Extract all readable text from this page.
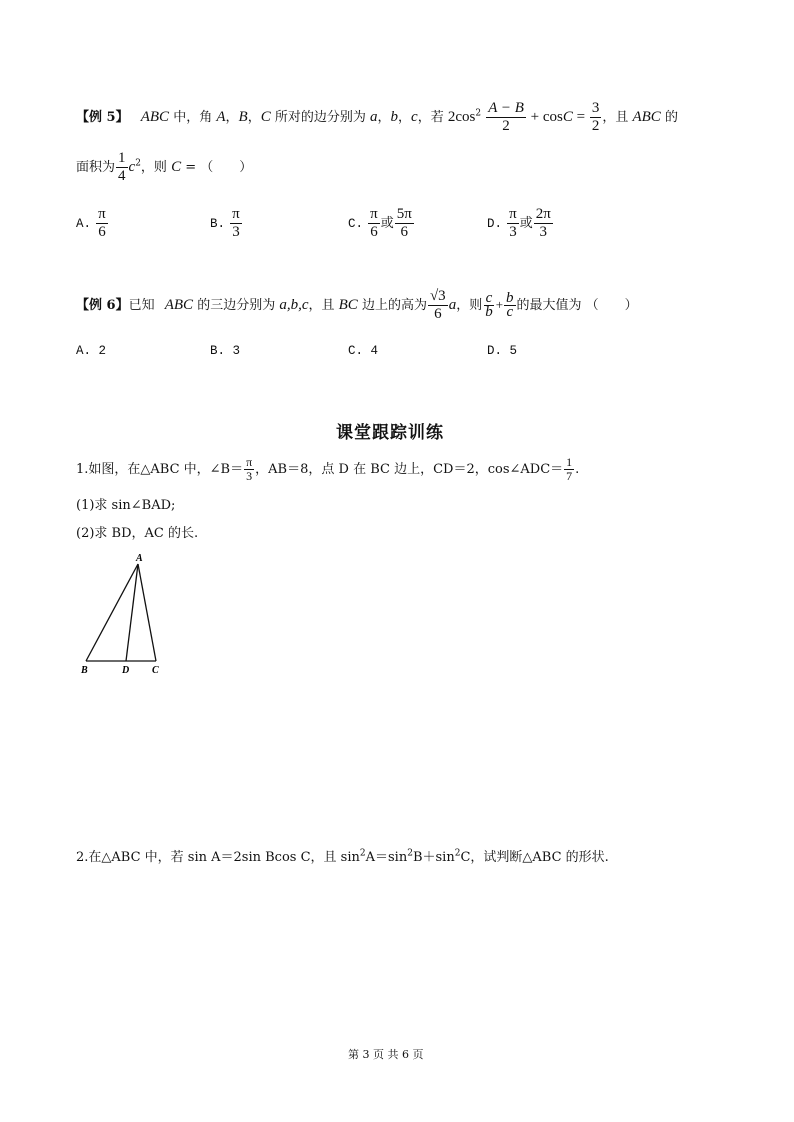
【例 5】 ABC 中，角 A，B，C 所对的边分别为 a，b，c，若 $2\cos^2 \frac{A - B}{2} + \cos C = \frac{3}{2}$ ，且 ABC 的
面积为 $\frac{1}{4} c^2$，则 C = （　　）
A. $\frac{\pi}{6}$	B. $\frac{\pi}{3}$	C. $\frac{\pi}{6}$ 或 $\frac{5\pi}{6}$	D. $\frac{\pi}{3}$ 或 $\frac{2\pi}{3}$
【例 6】已知 ABC 的三边分别为 a,b,c，且 BC 边上的高为 $\frac{√3}{6}$ a，则 $\frac{c}{b} + \frac{b}{c}$ 的最大值为 （　　）
A. 2	B. 3	C. 4	D. 5
课堂跟踪训练
1.如图，在△ABC 中，∠B＝ $\frac{\pi}{3}$ ，AB＝8，点 D 在 BC 边上，CD＝2，cos∠ADC＝ $\frac{1}{7}$ .
(1)求 sin∠BAD;
(2)求 BD，AC 的长.
A
B	D C
2.在△ABC 中，若 sin A＝2sin Bcos C，且 $\sin^2A=\sin^2B+\sin^2C$，试判断△ABC 的形状.
第 3 页 共 6 页
